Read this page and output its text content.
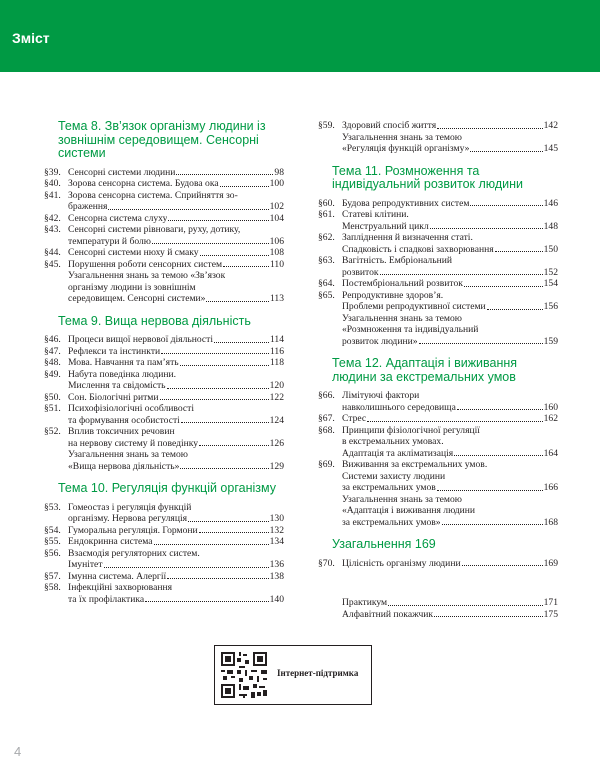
Зміст
Тема 8. Зв’язок організму людини із зовнішнім середовищем. Сенсорні системи
§39. Сенсорні системи людини	98
§40. Зорова сенсорна система. Будова ока	100
§41. Зорова сенсорна система. Сприйняття зо-
браження	102
§42. Сенсорна система слуху	104
§43. Сенсорні системи рівноваги, руху, дотику,
температури й болю	106
§44. Сенсорні системи нюху й смаку	108
§45. Порушення роботи сенсорних систем	110
Узагальнення знань за темою «Зв’язок
організму людини із зовнішнім
середовищем. Сенсорні системи»	113
Тема 9. Вища нервова діяльність
§46. Процеси вищої нервової діяльності	114
§47. Рефлекси та інстинкти	116
§48. Мова. Навчання та пам’ять	118
§49. Набута поведінка людини.
Мислення та свідомість	120
§50. Сон. Біологічні ритми	122
§51. Психофізіологічні особливості
та формування особистості	124
§52. Вплив токсичних речовин
на нервову систему й поведінку	126
Узагальнення знань за темою
«Вища нервова діяльність»	129
Тема 10. Регуляція функцій організму
§53. Гомеостаз і регуляція функцій
організму. Нервова регуляція	130
§54. Гуморальна регуляція. Гормони	132
§55. Ендокринна система	134
§56. Взаємодія регуляторних систем.
Імунітет	136
§57. Імунна система. Алергії	138
§58. Інфекційні захворювання
та їх профілактика	140
§59. Здоровий спосіб життя	142
Узагальнення знань за темою
«Регуляція функцій організму»	145
Тема 11. Розмноження та індивідуальний розвиток людини
§60. Будова репродуктивних систем	146
§61. Статеві клітини.
Менструальний цикл	148
§62. Запліднення й визначення статі.
Спадковість і спадкові захворювання	150
§63. Вагітність. Ембріональний
розвиток	152
§64. Постембріональний розвиток	154
§65. Репродуктивне здоров’я.
Проблеми репродуктивної системи	156
Узагальнення знань за темою
«Розмноження та індивідуальний
розвиток людини»	159
Тема 12. Адаптація і виживання людини за екстремальних умов
§66. Лімітуючі фактори
навколишнього середовища	160
§67. Стрес	162
§68. Принципи фізіологічної регуляції
в екстремальних умовах.
Адаптація та акліматизація	164
§69. Виживання за екстремальних умов.
Системи захисту людини
за екстремальних умов	166
Узагальнення знань за темою
«Адаптація і виживання людини
за екстремальних умов»	168
Узагальнення 169
§70. Цілісність організму людини	169
Практикум	171
Алфавітний покажчик	175
Інтернет-підтримка
4
